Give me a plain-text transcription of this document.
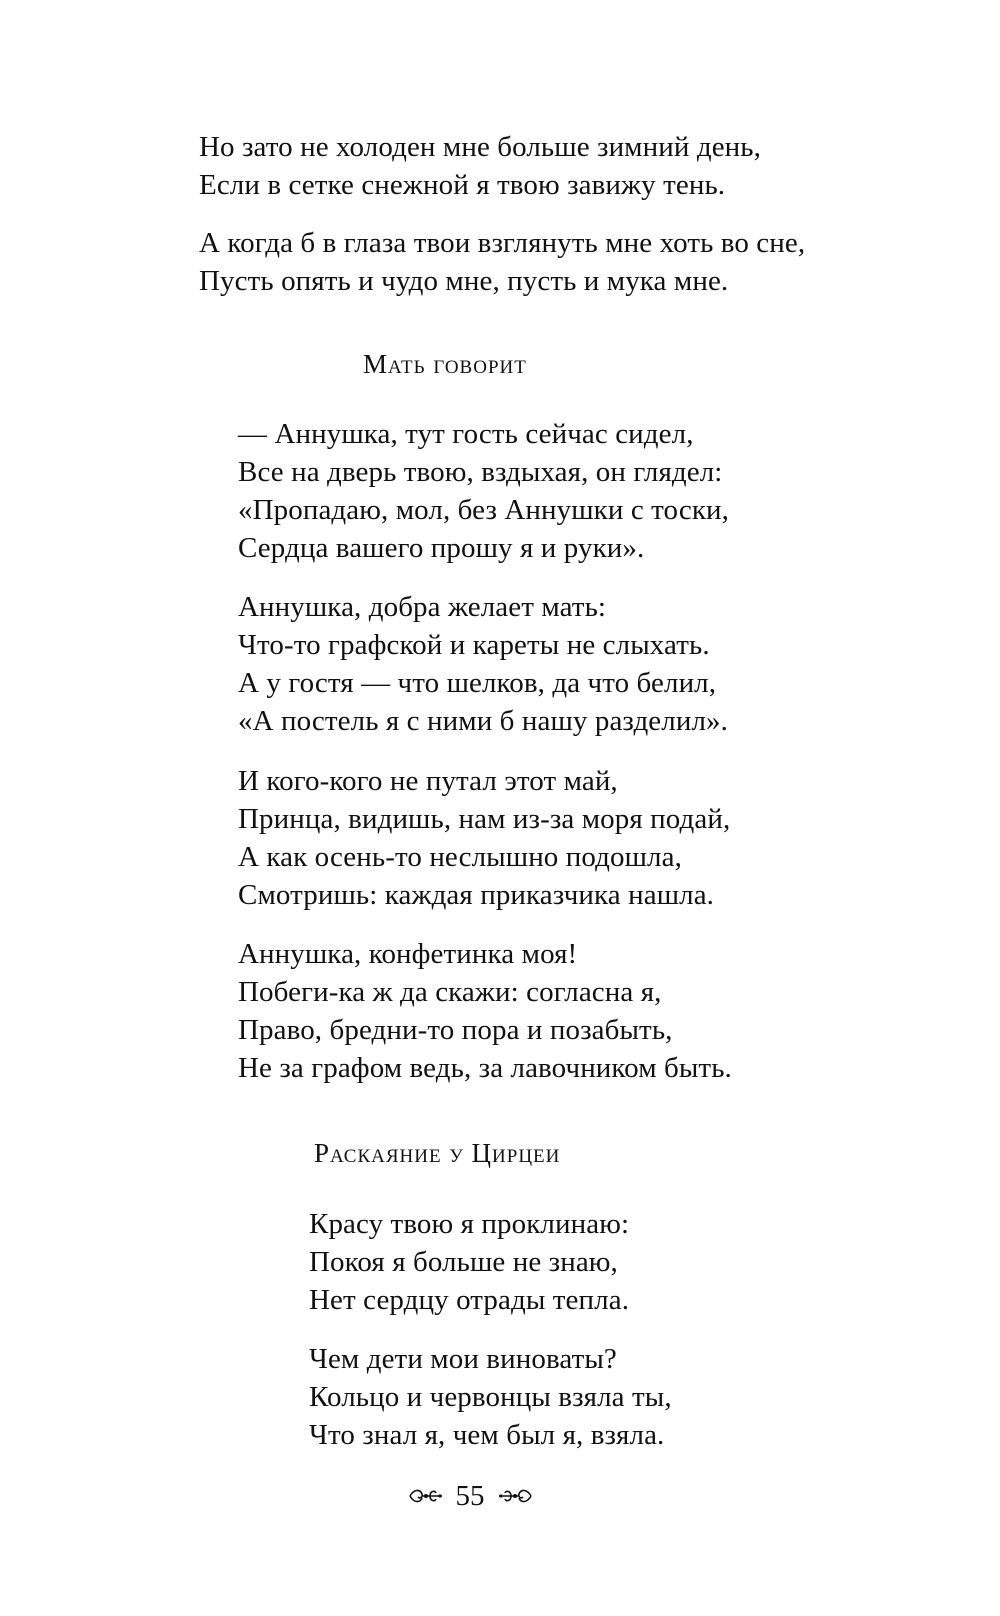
Но зато не холоден мне больше зимний день,
Если в сетке снежной я твою завижу тень.
А когда б в глаза твои взглянуть мне хоть во сне,
Пусть опять и чудо мне, пусть и мука мне.
Мать говорит
— Аннушка, тут гость сейчас сидел,
Все на дверь твою, вздыхая, он глядел:
«Пропадаю, мол, без Аннушки с тоски,
Сердца вашего прошу я и руки».
Аннушка, добра желает мать:
Что-то графской и кареты не слыхать.
А у гостя — что шелков, да что белил,
«А постель я с ними б нашу разделил».
И кого-кого не путал этот май,
Принца, видишь, нам из-за моря подай,
А как осень-то неслышно подошла,
Смотришь: каждая приказчика нашла.
Аннушка, конфетинка моя!
Побеги-ка ж да скажи: согласна я,
Право, бредни-то пора и позабыть,
Не за графом ведь, за лавочником быть.
Раскаяние у Цирцеи
Красу твою я проклинаю:
Покоя я больше не знаю,
Нет сердцу отрады тепла.
Чем дети мои виноваты?
Кольцо и червонцы взяла ты,
Что знал я, чем был я, взяла.
55
